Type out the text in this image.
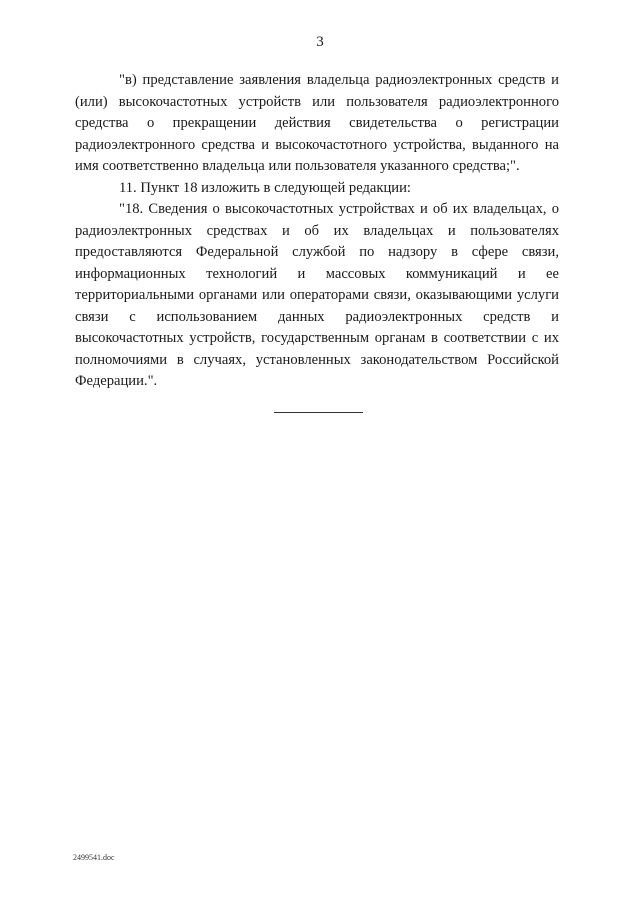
3

"в) представление заявления владельца радиоэлектронных средств и (или) высокочастотных устройств или пользователя радиоэлектронного средства о прекращении действия свидетельства о регистрации радиоэлектронного средства и высокочастотного устройства, выданного на имя соответственно владельца или пользователя указанного средства;".

11. Пункт 18 изложить в следующей редакции:

"18. Сведения о высокочастотных устройствах и об их владельцах, о радиоэлектронных средствах и об их владельцах и пользователях предоставляются Федеральной службой по надзору в сфере связи, информационных технологий и массовых коммуникаций и ее территориальными органами или операторами связи, оказывающими услуги связи с использованием данных радиоэлектронных средств и высокочастотных устройств, государственным органам в соответствии с их полномочиями в случаях, установленных законодательством Российской Федерации.".

2499541.doc
